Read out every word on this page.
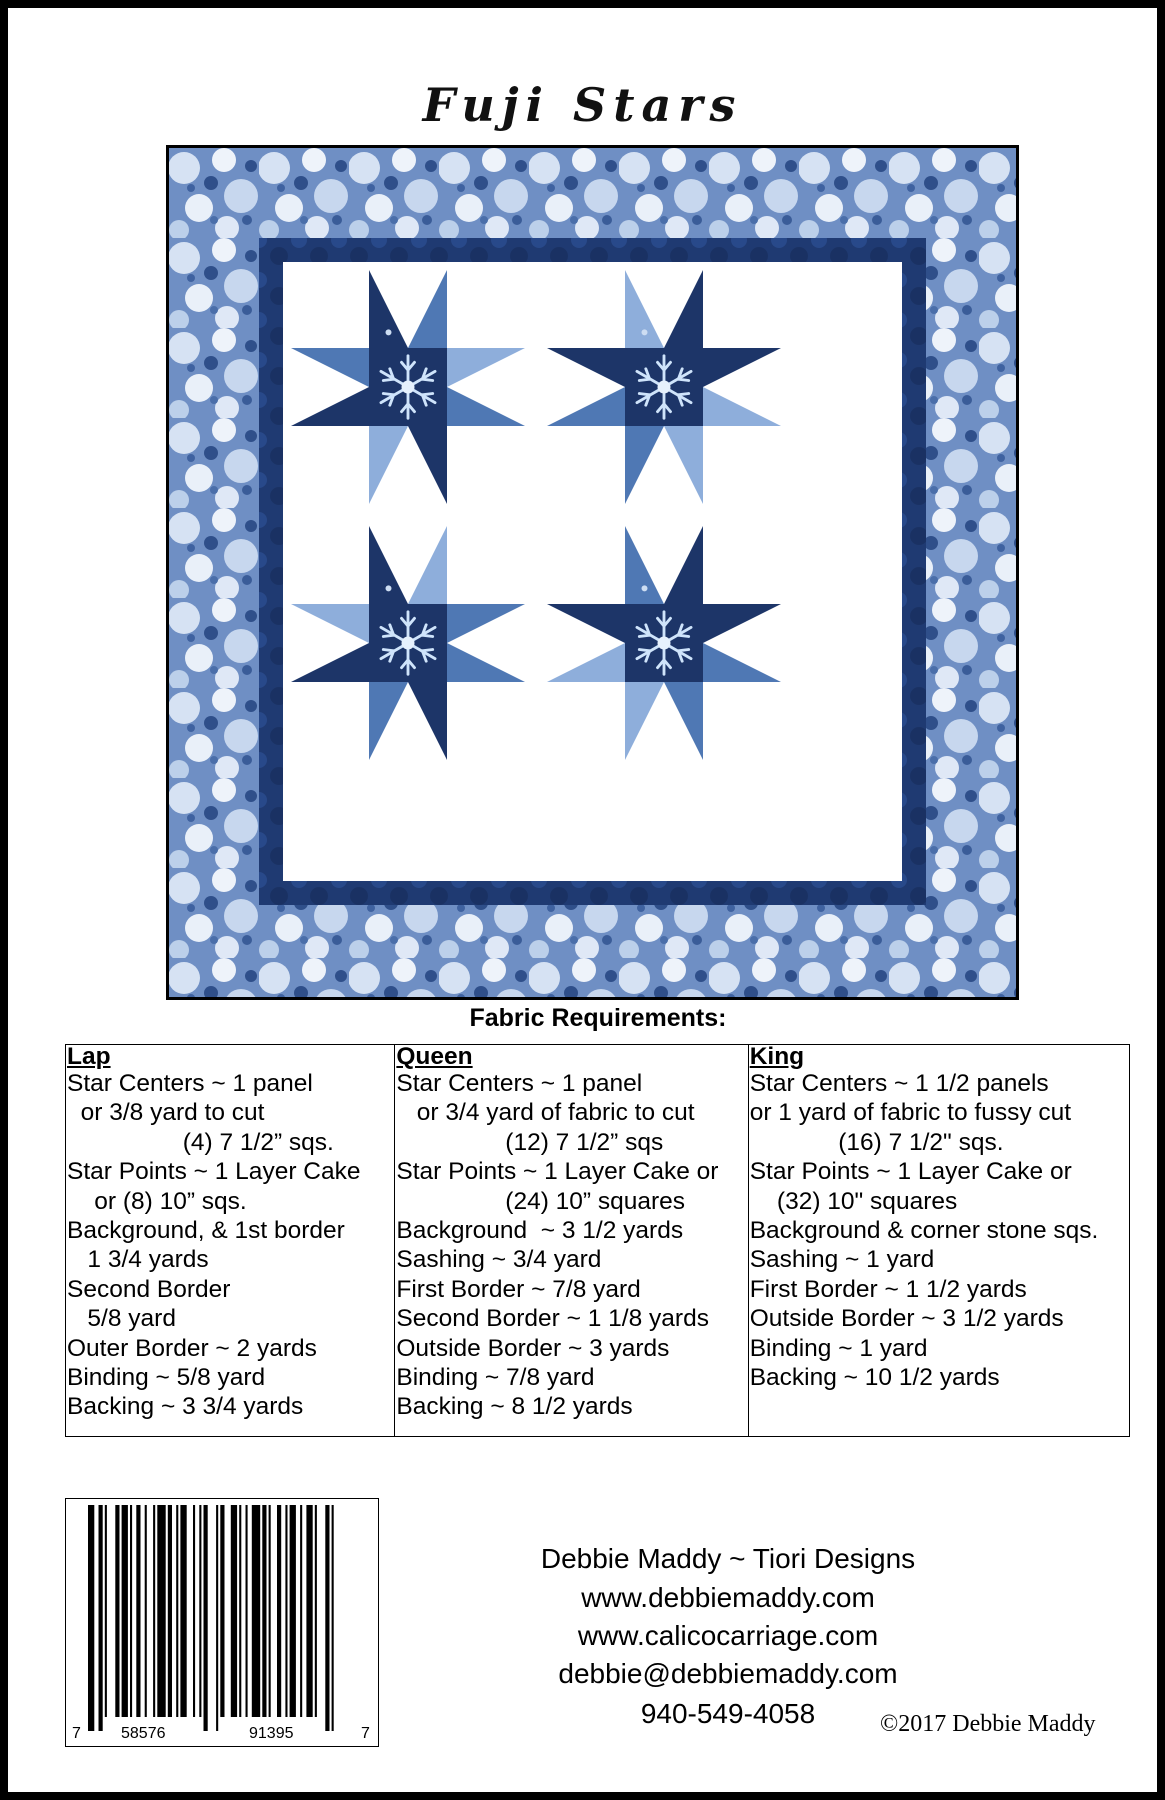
Fuji Stars
Fabric Requirements:
Lap
Star Centers ~ 1 panel
or 3/8 yard to cut
(4) 7 1/2” sqs.
Star Points ~ 1 Layer Cake
or (8) 10” sqs.
Background, & 1st border
1 3/4 yards
Second Border
5/8 yard
Outer Border ~ 2 yards
Binding ~ 5/8 yard
Backing ~ 3 3/4 yards
Queen
Star Centers ~ 1 panel
or 3/4 yard of fabric to cut
(12) 7 1/2” sqs
Star Points ~ 1 Layer Cake or
(24) 10” squares
Background  ~ 3 1/2 yards
Sashing ~ 3/4 yard
First Border ~ 7/8 yard
Second Border ~ 1 1/8 yards
Outside Border ~ 3 yards
Binding ~ 7/8 yard
Backing ~ 8 1/2 yards
King
Star Centers ~ 1 1/2 panels
or 1 yard of fabric to fussy cut
(16) 7 1/2" sqs.
Star Points ~ 1 Layer Cake or
(32) 10" squares
Background & corner stone sqs.
Sashing ~ 1 yard
First Border ~ 1 1/2 yards
Outside Border ~ 3 1/2 yards
Binding ~ 1 yard
Backing ~ 10 1/2 yards
7	58576	91395	7
Debbie Maddy ~ Tiori Designs
www.debbiemaddy.com
www.calicocarriage.com
debbie@debbiemaddy.com
940-549-4058	©2017 Debbie Maddy
